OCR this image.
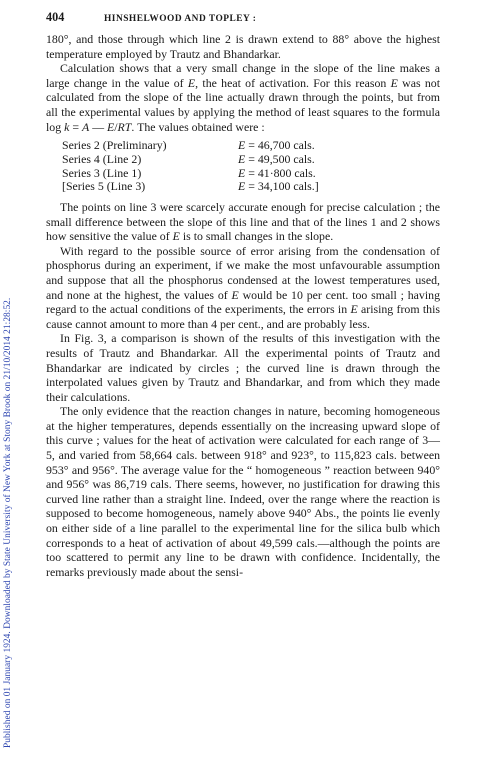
Published on 01 January 1924. Downloaded by State University of New York at Stony Brook on 21/10/2014 21:28:52.
404	HINSHELWOOD AND TOPLEY :

180°, and those through which line 2 is drawn extend to 88° above the highest temperature employed by Trautz and Bhandarkar.

Calculation shows that a very small change in the slope of the line makes a large change in the value of E, the heat of activation. For this reason E was not calculated from the slope of the line actually drawn through the points, but from all the experimental values by applying the method of least squares to the formula log k = A — E/RT. The values obtained were :

Series 2 (Preliminary)	E = 46,700 cals.
Series 4 (Line 2)	E = 49,500 cals.
Series 3 (Line 1)	E = 41·800 cals.
[Series 5 (Line 3)	E = 34,100 cals.]

The points on line 3 were scarcely accurate enough for precise calculation ; the small difference between the slope of this line and that of the lines 1 and 2 shows how sensitive the value of E is to small changes in the slope.

With regard to the possible source of error arising from the condensation of phosphorus during an experiment, if we make the most unfavourable assumption and suppose that all the phosphorus condensed at the lowest temperatures used, and none at the highest, the values of E would be 10 per cent. too small ; having regard to the actual conditions of the experiments, the errors in E arising from this cause cannot amount to more than 4 per cent., and are probably less.

In Fig. 3, a comparison is shown of the results of this investigation with the results of Trautz and Bhandarkar. All the experimental points of Trautz and Bhandarkar are indicated by circles ; the curved line is drawn through the interpolated values given by Trautz and Bhandarkar, and from which they made their calculations.

The only evidence that the reaction changes in nature, becoming homogeneous at the higher temperatures, depends essentially on the increasing upward slope of this curve ; values for the heat of activation were calculated for each range of 3—5, and varied from 58,664 cals. between 918° and 923°, to 115,823 cals. between 953° and 956°. The average value for the “ homogeneous ” reaction between 940° and 956° was 86,719 cals. There seems, however, no justification for drawing this curved line rather than a straight line. Indeed, over the range where the reaction is supposed to become homogeneous, namely above 940° Abs., the points lie evenly on either side of a line parallel to the experimental line for the silica bulb which corresponds to a heat of activation of about 49,599 cals.—although the points are too scattered to permit any line to be drawn with confidence. Incidentally, the remarks previously made about the sensi-
